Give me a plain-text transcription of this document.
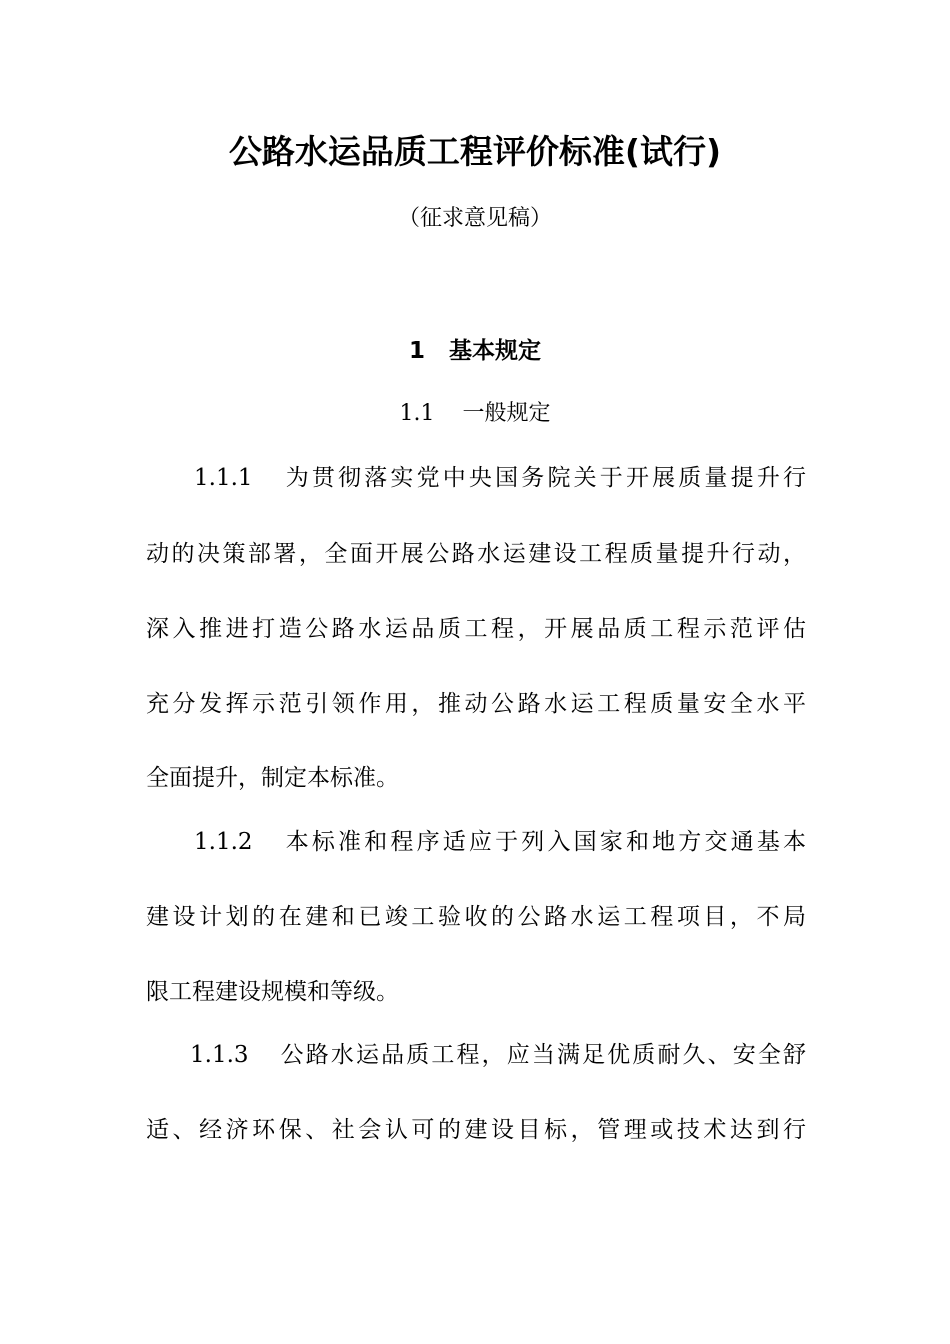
公路水运品质工程评价标准(试行)
（征求意见稿）
1 基本规定
1.1 一般规定
1.1.1 为贯彻落实党中央国务院关于开展质量提升行
动的决策部署，全面开展公路水运建设工程质量提升行动，
深入推进打造公路水运品质工程，开展品质工程示范评估
充分发挥示范引领作用，推动公路水运工程质量安全水平
全面提升，制定本标准。
1.1.2 本标准和程序适应于列入国家和地方交通基本
建设计划的在建和已竣工验收的公路水运工程项目，不局
限工程建设规模和等级。
1.1.3 公路水运品质工程，应当满足优质耐久、安全舒
适、经济环保、社会认可的建设目标，管理或技术达到行
